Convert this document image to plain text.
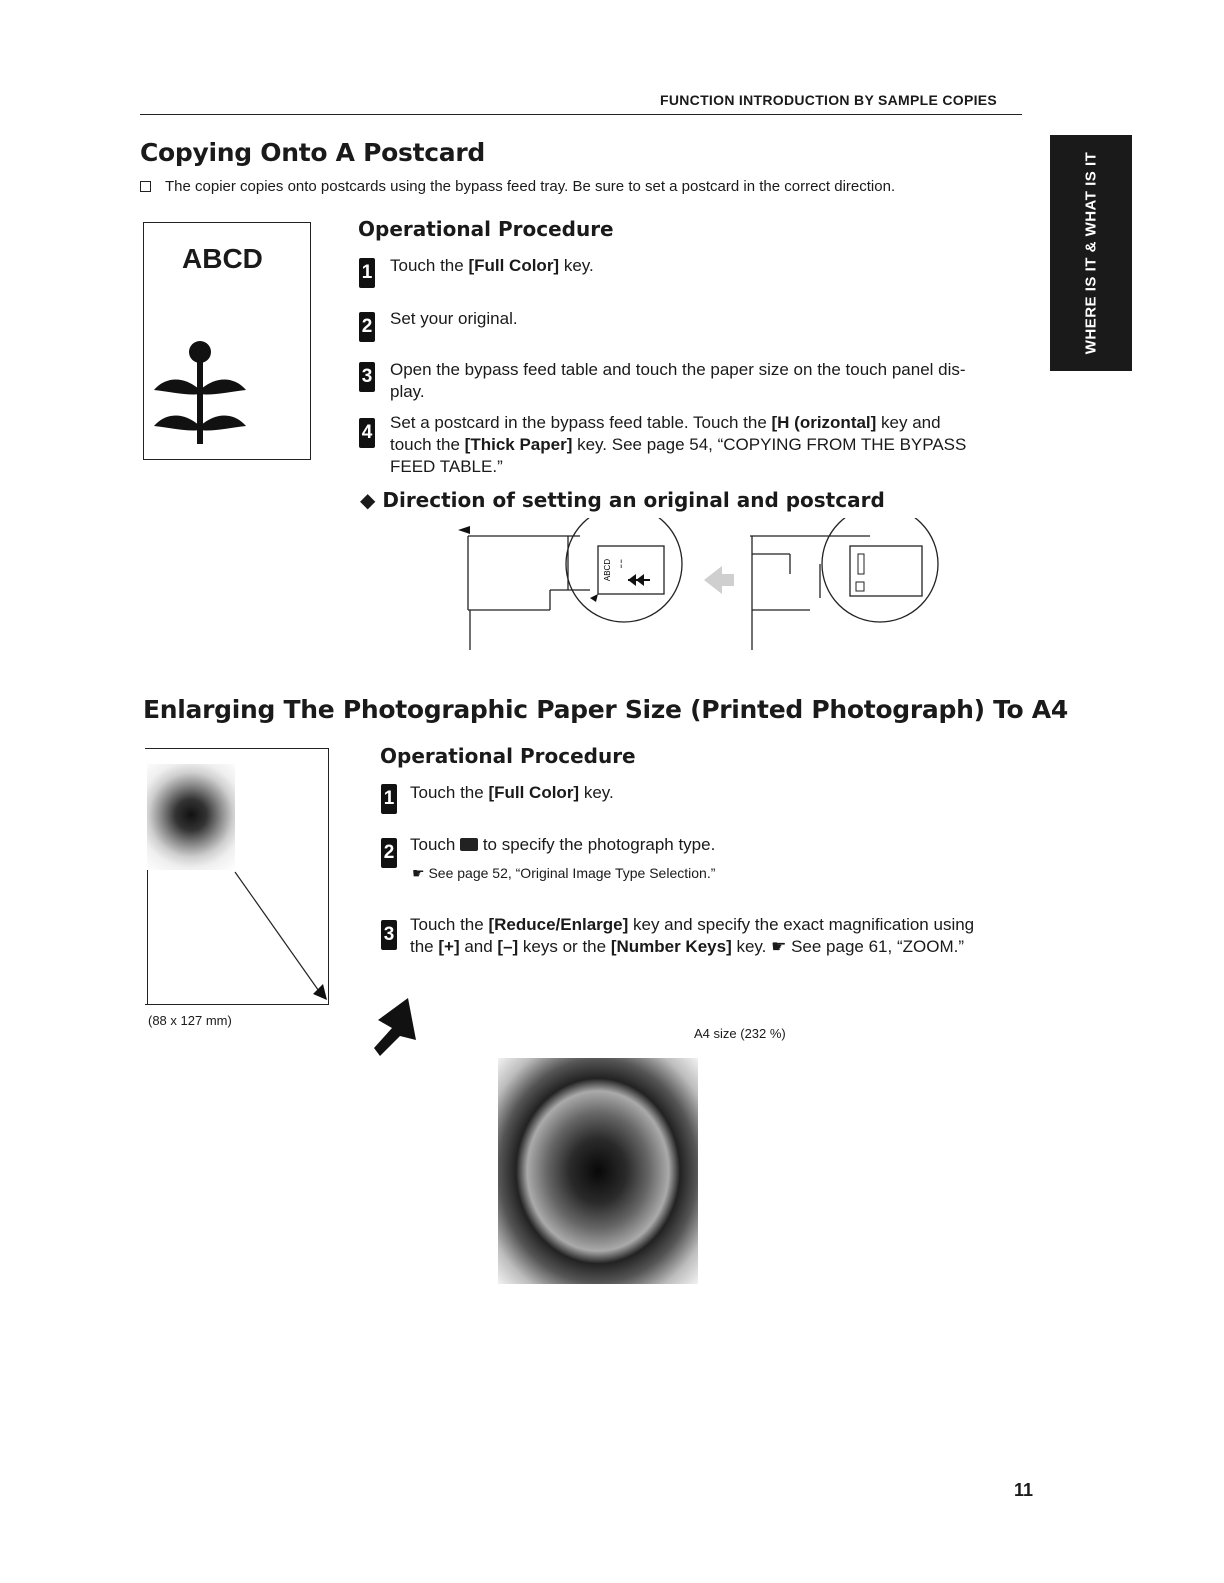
FUNCTION INTRODUCTION BY SAMPLE COPIES
WHERE IS IT & WHAT IS IT
Copying Onto A Postcard
The copier copies onto postcards using the bypass feed tray. Be sure to set a postcard in the correct direction.
ABCD
Operational Procedure
1 Touch the [Full Color] key.
2 Set your original.
3 Open the bypass feed table and touch the paper size on the touch panel dis-
play.
4 Set a postcard in the bypass feed table. Touch the [H (orizontal] key and
touch the [Thick Paper] key. See page 54, “COPYING FROM THE BYPASS
FEED TABLE.”
◆ Direction of setting an original and postcard
ABCD ¦
Enlarging The Photographic Paper Size (Printed Photograph) To A4
(88 x 127 mm)
Operational Procedure
1 Touch the [Full Color] key.
2 Touch  to specify the photograph type.
☛ See page 52, “Original Image Type Selection.”
3 Touch the [Reduce/Enlarge] key and specify the exact magnification using
the [+] and [–] keys or the [Number Keys] key. ☛ See page 61, “ZOOM.”
A4 size (232 %)
11
